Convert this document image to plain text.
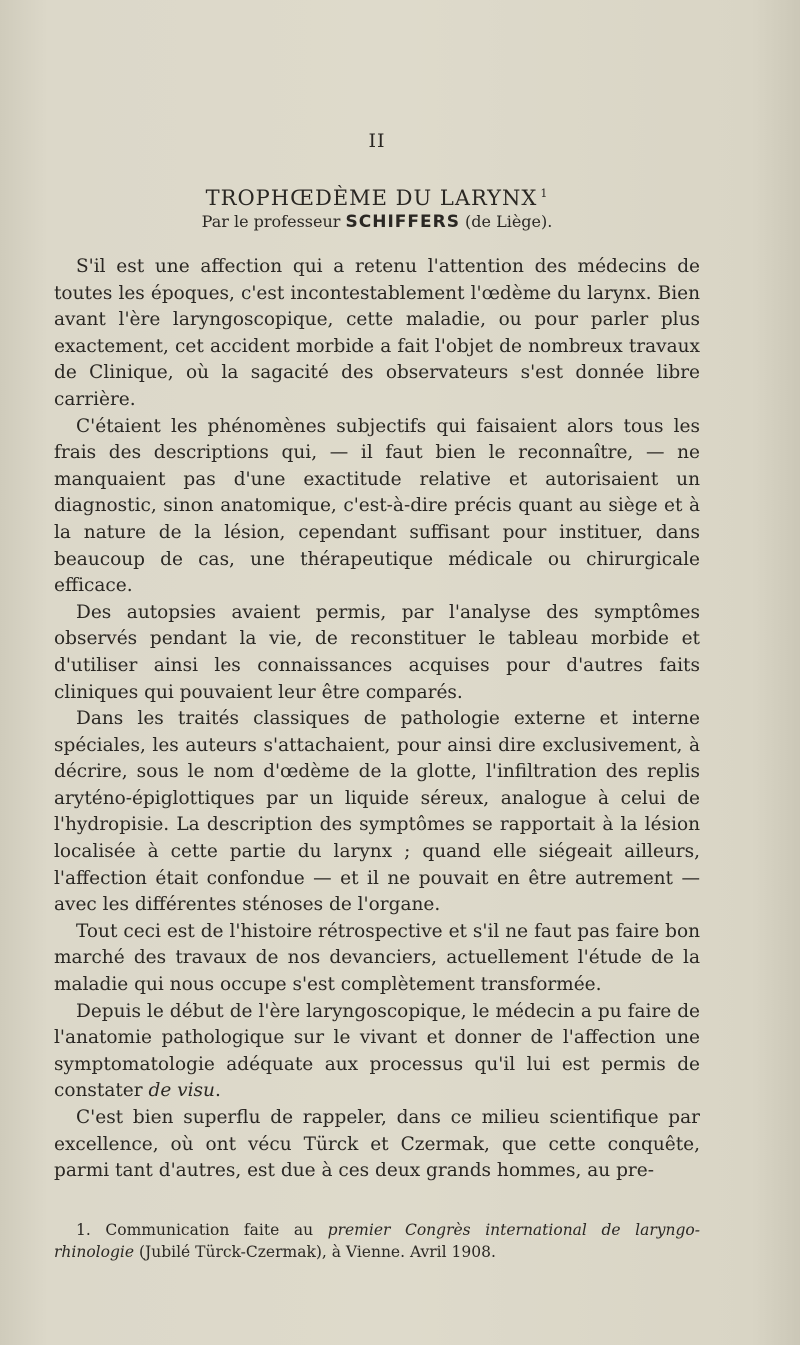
II
TROPHŒDÈME DU LARYNX $^1$
Par le professeur SCHIFFERS (de Liège).

S'il est une affection qui a retenu l'attention des médecins de toutes les époques, c'est incontestablement l'œdème du larynx. Bien avant l'ère laryngoscopique, cette maladie, ou pour parler plus exactement, cet accident morbide a fait l'objet de nombreux travaux de Clinique, où la sagacité des observateurs s'est donnée libre carrière.

C'étaient les phénomènes subjectifs qui faisaient alors tous les frais des descriptions qui, — il faut bien le reconnaître, — ne manquaient pas d'une exactitude relative et autorisaient un diagnostic, sinon anatomique, c'est-à-dire précis quant au siège et à la nature de la lésion, cependant suffisant pour instituer, dans beaucoup de cas, une thérapeutique médicale ou chirurgicale efficace.

Des autopsies avaient permis, par l'analyse des symptômes observés pendant la vie, de reconstituer le tableau morbide et d'utiliser ainsi les connaissances acquises pour d'autres faits cliniques qui pouvaient leur être comparés.

Dans les traités classiques de pathologie externe et interne spéciales, les auteurs s'attachaient, pour ainsi dire exclusivement, à décrire, sous le nom d'œdème de la glotte, l'infiltration des replis aryténo-épiglottiques par un liquide séreux, analogue à celui de l'hydropisie. La description des symptômes se rapportait à la lésion localisée à cette partie du larynx ; quand elle siégeait ailleurs, l'affection était confondue — et il ne pouvait en être autrement — avec les différentes sténoses de l'organe.

Tout ceci est de l'histoire rétrospective et s'il ne faut pas faire bon marché des travaux de nos devanciers, actuellement l'étude de la maladie qui nous occupe s'est complètement transformée.

Depuis le début de l'ère laryngoscopique, le médecin a pu faire de l'anatomie pathologique sur le vivant et donner de l'affection une symptomatologie adéquate aux processus qu'il lui est permis de constater de visu.

C'est bien superflu de rappeler, dans ce milieu scientifique par excellence, où ont vécu Türck et Czermak, que cette conquête, parmi tant d'autres, est due à ces deux grands hommes, au pre-

1. Communication faite au premier Congrès international de laryngo-rhinologie (Jubilé Türck-Czermak), à Vienne. Avril 1908.
